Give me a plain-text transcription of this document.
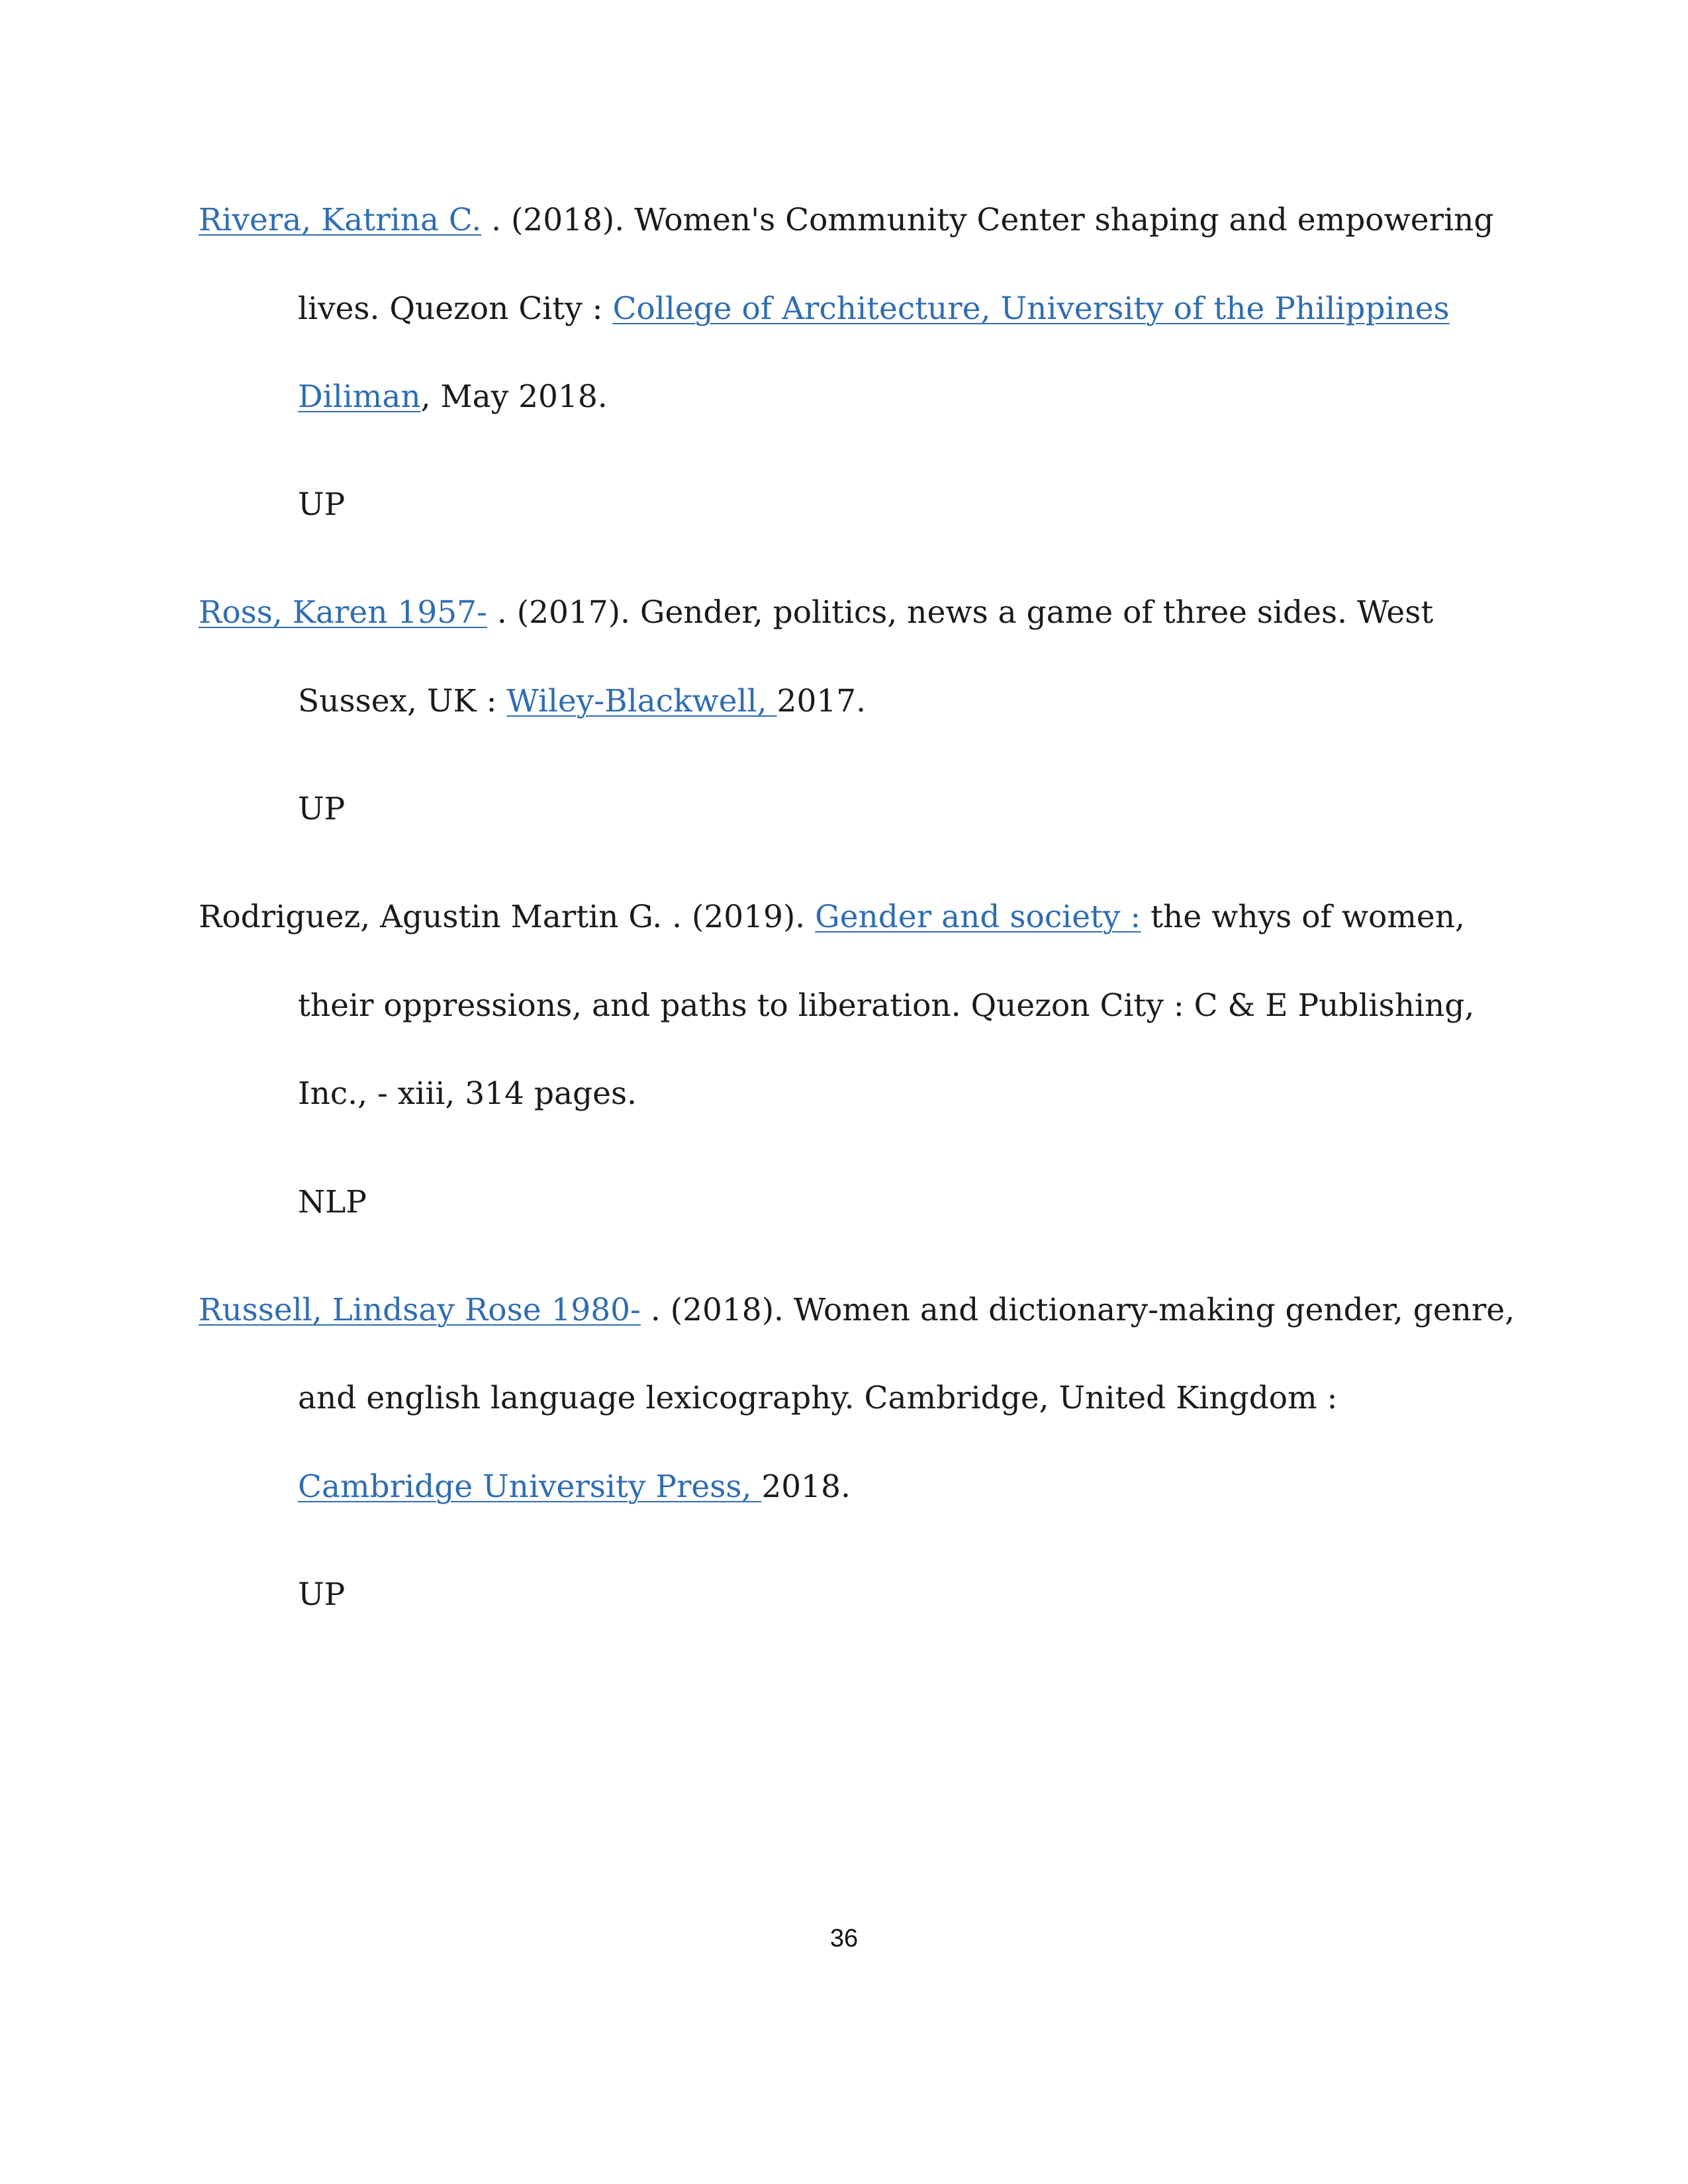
Rivera, Katrina C. . (2018). Women's Community Center shaping and empowering
lives. Quezon City : College of Architecture, University of the Philippines
Diliman, May 2018.
UP
Ross, Karen 1957- . (2017). Gender, politics, news a game of three sides. West
Sussex, UK : Wiley-Blackwell, 2017.
UP
Rodriguez, Agustin Martin G. . (2019). Gender and society : the whys of women,
their oppressions, and paths to liberation. Quezon City : C & E Publishing,
Inc., - xiii, 314 pages.
NLP
Russell, Lindsay Rose 1980- . (2018). Women and dictionary-making gender, genre,
and english language lexicography. Cambridge, United Kingdom :
Cambridge University Press, 2018.
UP
36
